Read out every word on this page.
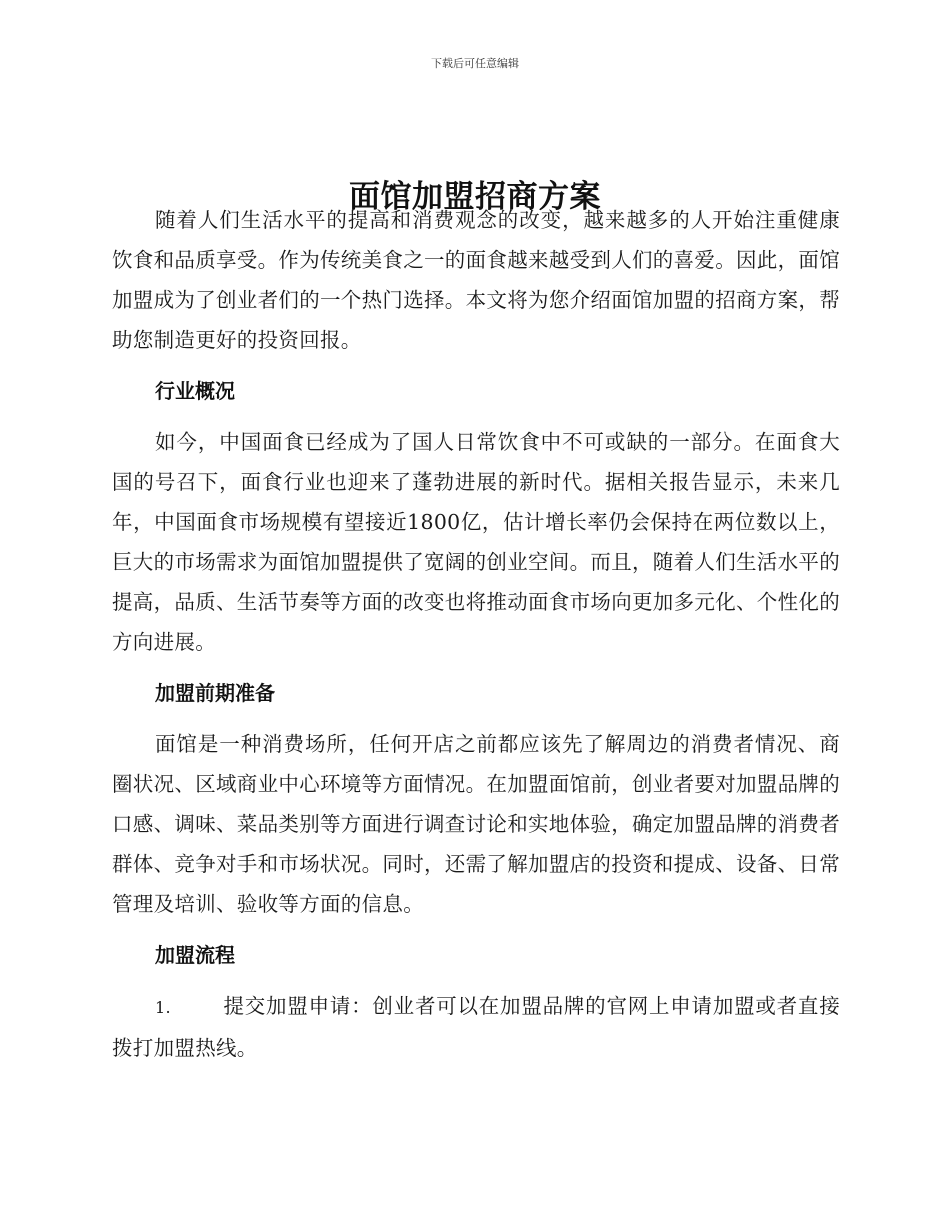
下载后可任意编辑
面馆加盟招商方案

随着人们生活水平的提高和消费观念的改变，越来越多的人开始注重健康饮食和品质享受。作为传统美食之一的面食越来越受到人们的喜爱。因此，面馆加盟成为了创业者们的一个热门选择。本文将为您介绍面馆加盟的招商方案，帮助您制造更好的投资回报。

行业概况

如今，中国面食已经成为了国人日常饮食中不可或缺的一部分。在面食大国的号召下，面食行业也迎来了蓬勃进展的新时代。据相关报告显示，未来几年，中国面食市场规模有望接近1800亿，估计增长率仍会保持在两位数以上，巨大的市场需求为面馆加盟提供了宽阔的创业空间。而且，随着人们生活水平的提高，品质、生活节奏等方面的改变也将推动面食市场向更加多元化、个性化的方向进展。

加盟前期准备

面馆是一种消费场所，任何开店之前都应该先了解周边的消费者情况、商圈状况、区域商业中心环境等方面情况。在加盟面馆前，创业者要对加盟品牌的口感、调味、菜品类别等方面进行调查讨论和实地体验，确定加盟品牌的消费者群体、竞争对手和市场状况。同时，还需了解加盟店的投资和提成、设备、日常管理及培训、验收等方面的信息。

加盟流程
1.	提交加盟申请：创业者可以在加盟品牌的官网上申请加盟或者直接拨打加盟热线。
